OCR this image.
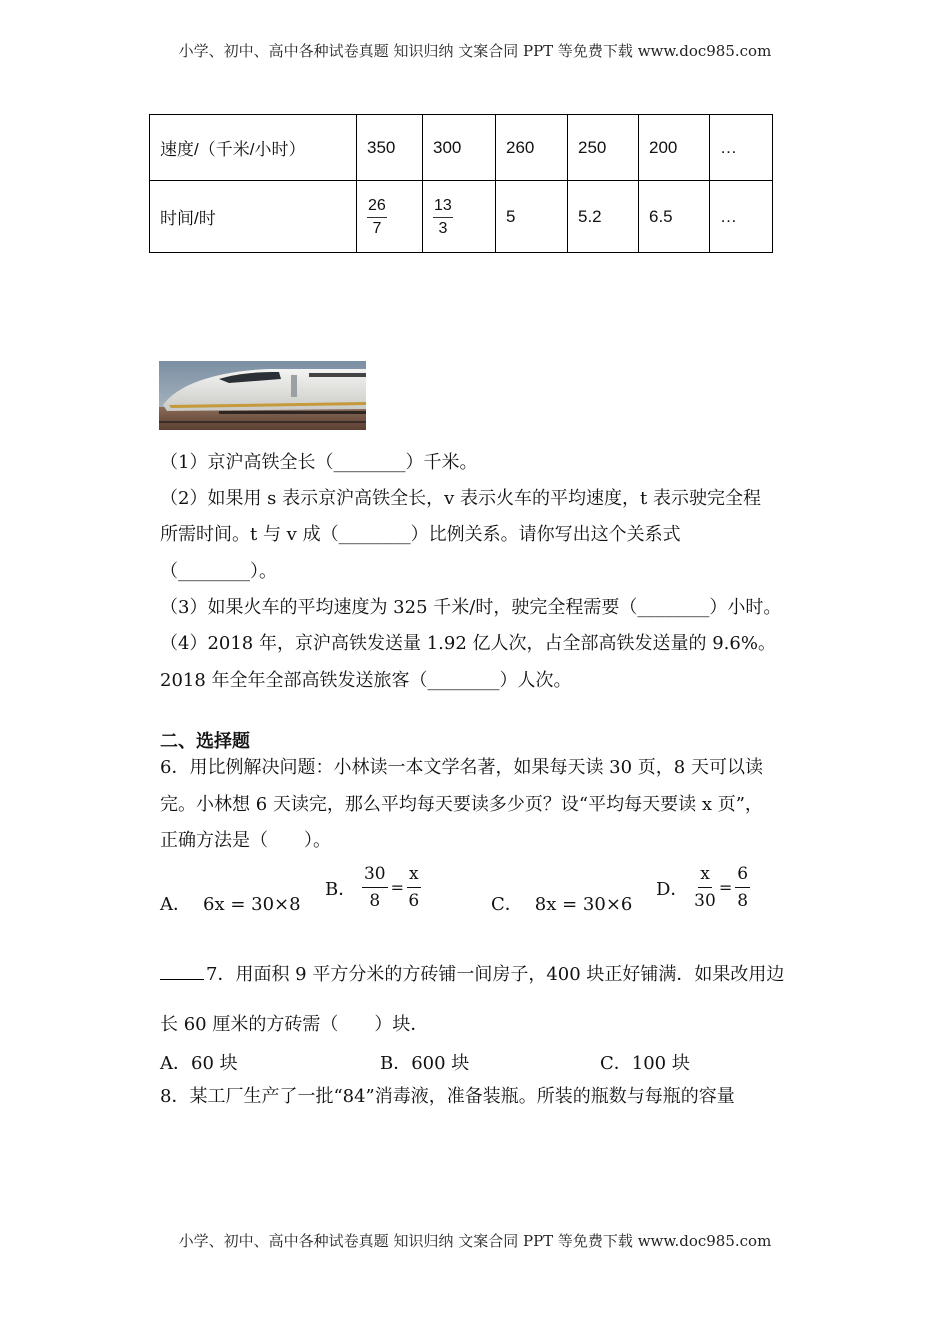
小学、初中、高中各种试卷真题 知识归纳 文案合同 PPT 等免费下载 www.doc985.com
速度/（千米/小时）	350	300	260	250	200	…
时间/时	$\frac{26}{7}$	$\frac{13}{3}$	5	5.2	6.5	…
（1）京沪高铁全长（________）千米。
（2）如果用 s 表示京沪高铁全长，v 表示火车的平均速度，t 表示驶完全程
所需时间。t 与 v 成（________）比例关系。请你写出这个关系式
（________）。
（3）如果火车的平均速度为 325 千米/时，驶完全程需要（________）小时。
（4）2018 年，京沪高铁发送量 1.92 亿人次，占全部高铁发送量的 9.6%。
2018 年全年全部高铁发送旅客（________）人次。
二、选择题
6．用比例解决问题：小林读一本文学名著，如果每天读 30 页，8 天可以读
完。小林想 6 天读完，那么平均每天要读多少页？设“平均每天要读 x 页”，
正确方法是（　　）。
A． 6x = 30×8
B． $\frac{30}{8} = \frac{x}{6}$	C． 8x = 30×6
D． $\frac{x}{30} = \frac{6}{8}$
7．用面积 9 平方分米的方砖铺一间房子，400 块正好铺满．如果改用边
长 60 厘米的方砖需（　　）块．
A．60 块	B．600 块	C．100 块
8．某工厂生产了一批“84”消毒液，准备装瓶。所装的瓶数与每瓶的容量
小学、初中、高中各种试卷真题 知识归纳 文案合同 PPT 等免费下载 www.doc985.com
